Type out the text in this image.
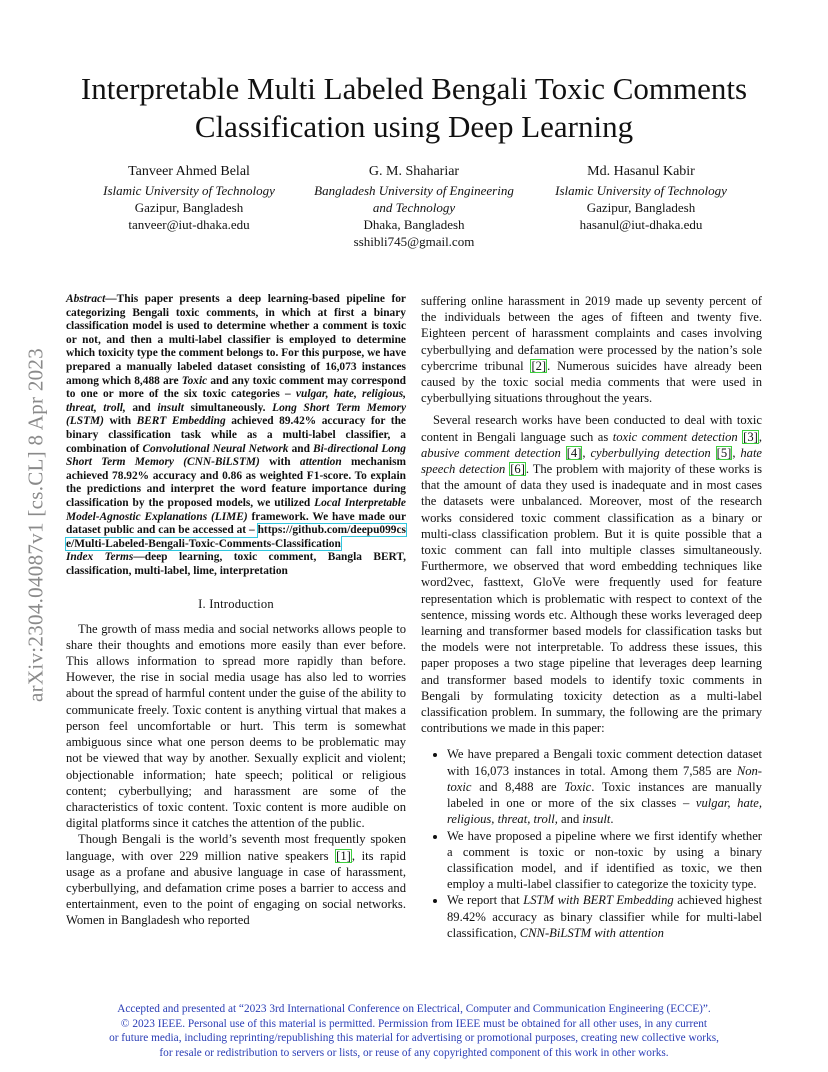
arXiv:2304.04087v1 [cs.CL] 8 Apr 2023
Interpretable Multi Labeled Bengali Toxic Comments Classification using Deep Learning
Tanveer Ahmed Belal
Islamic University of Technology
Gazipur, Bangladesh
tanveer@iut-dhaka.edu
G. M. Shahariar
Bangladesh University of Engineering
and Technology
Dhaka, Bangladesh
sshibli745@gmail.com
Md. Hasanul Kabir
Islamic University of Technology
Gazipur, Bangladesh
hasanul@iut-dhaka.edu

Abstract—This paper presents a deep learning-based pipeline for categorizing Bengali toxic comments, in which at first a binary classification model is used to determine whether a comment is toxic or not, and then a multi-label classifier is employed to determine which toxicity type the comment belongs to. For this purpose, we have prepared a manually labeled dataset consisting of 16,073 instances among which 8,488 are Toxic and any toxic comment may correspond to one or more of the six toxic categories – vulgar, hate, religious, threat, troll, and insult simultaneously. Long Short Term Memory (LSTM) with BERT Embedding achieved 89.42% accuracy for the binary classification task while as a multi-label classifier, a combination of Convolutional Neural Network and Bi-directional Long Short Term Memory (CNN-BiLSTM) with attention mechanism achieved 78.92% accuracy and 0.86 as weighted F1-score. To explain the predictions and interpret the word feature importance during classification by the proposed models, we utilized Local Interpretable Model-Agnostic Explanations (LIME) framework. We have made our dataset public and can be accessed at – https://github.com/deepu099cse/Multi-Labeled-Bengali-Toxic-Comments-Classification

Index Terms—deep learning, toxic comment, Bangla BERT, classification, multi-label, lime, interpretation

I. Introduction

The growth of mass media and social networks allows people to share their thoughts and emotions more easily than ever before. This allows information to spread more rapidly than before. However, the rise in social media usage has also led to worries about the spread of harmful content under the guise of the ability to communicate freely. Toxic content is anything virtual that makes a person feel uncomfortable or hurt. This term is somewhat ambiguous since what one person deems to be problematic may not be viewed that way by another. Sexually explicit and violent; objectionable information; hate speech; political or religious content; cyberbullying; and harassment are some of the characteristics of toxic content. Toxic content is more audible on digital platforms since it catches the attention of the public.

Though Bengali is the world’s seventh most frequently spoken language, with over 229 million native speakers [1], its rapid usage as a profane and abusive language in case of harassment, cyberbullying, and defamation crime poses a barrier to access and entertainment, even to the point of engaging on social networks. Women in Bangladesh who reported

suffering online harassment in 2019 made up seventy percent of the individuals between the ages of fifteen and twenty five. Eighteen percent of harassment complaints and cases involving cyberbullying and defamation were processed by the nation’s sole cybercrime tribunal [2]. Numerous suicides have already been caused by the toxic social media comments that were used in cyberbullying situations throughout the years.

Several research works have been conducted to deal with toxic content in Bengali language such as toxic comment detection [3], abusive comment detection [4], cyberbullying detection [5], hate speech detection [6]. The problem with majority of these works is that the amount of data they used is inadequate and in most cases the datasets were unbalanced. Moreover, most of the research works considered toxic comment classification as a binary or multi-class classification problem. But it is quite possible that a toxic comment can fall into multiple classes simultaneously. Furthermore, we observed that word embedding techniques like word2vec, fasttext, GloVe were frequently used for feature representation which is problematic with respect to context of the sentence, missing words etc. Although these works leveraged deep learning and transformer based models for classification tasks but the models were not interpretable. To address these issues, this paper proposes a two stage pipeline that leverages deep learning and transformer based models to identify toxic comments in Bengali by formulating toxicity detection as a multi-label classification problem. In summary, the following are the primary contributions we made in this paper:

• We have prepared a Bengali toxic comment detection dataset with 16,073 instances in total. Among them 7,585 are Non-toxic and 8,488 are Toxic. Toxic instances are manually labeled in one or more of the six classes – vulgar, hate, religious, threat, troll, and insult.
• We have proposed a pipeline where we first identify whether a comment is toxic or non-toxic by using a binary classification model, and if identified as toxic, we then employ a multi-label classifier to categorize the toxicity type.
• We report that LSTM with BERT Embedding achieved highest 89.42% accuracy as binary classifier while for multi-label classification, CNN-BiLSTM with attention
Accepted and presented at “2023 3rd International Conference on Electrical, Computer and Communication Engineering (ECCE)”.
© 2023 IEEE. Personal use of this material is permitted. Permission from IEEE must be obtained for all other uses, in any current
or future media, including reprinting/republishing this material for advertising or promotional purposes, creating new collective works,
for resale or redistribution to servers or lists, or reuse of any copyrighted component of this work in other works.
